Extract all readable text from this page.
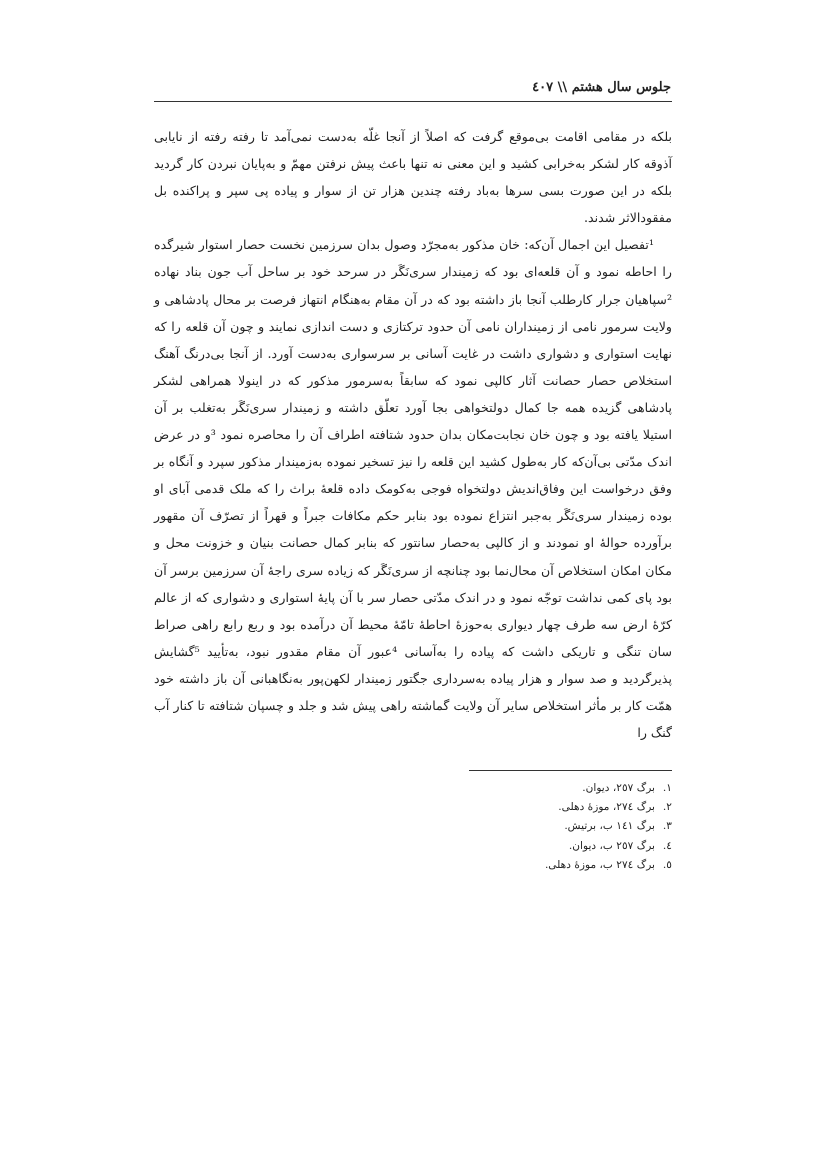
جلوس سال هشتم \\ ٤٠٧

بلکه در مقامی اقامت بی‌موقع گرفت که اصلاً از آنجا غلّه به‌دست نمی‌آمد تا رفته رفته از نایابی آذوقه کار لشکر به‌خرابی کشید و این معنی نه تنها باعث پیش نرفتن مهمّ و به‌پایان نبردن کار گردید بلکه در این صورت بسی سرها به‌باد رفته چندین هزار تن از سوار و پیاده پی سپر و پراکنده بل مفقودالاثر شدند.

¹تفصیل این اجمال آن‌که: خان مذکور به‌مجرّد وصول بدان سرزمین نخست حصار استوار شیرگده را احاطه نمود و آن قلعه‌ای بود که زمیندار سری‌نَگَر در سرحد خود بر ساحل آب جون بناد نهاده ²سپاهیان جرار کارطلب آنجا باز داشته بود که در آن مقام به‌هنگام انتهاز فرصت بر محال پادشاهی و ولایت سرمور نامی از زمینداران نامی آن حدود ترکتازی و دست اندازی نمایند و چون آن قلعه را که نهایت استواری و دشواری داشت در غایت آسانی بر سرسواری به‌دست آورد. از آنجا بی‌درنگ آهنگ استخلاص حصار حصانت آثار کالپی نمود که سابقاً به‌سرمور مذکور که در اینولا همراهی لشکر پادشاهی گزیده همه جا کمال دولتخواهی بجا آورد تعلّق داشته و زمیندار سری‌نَگَر به‌تغلب بر آن استیلا یافته بود و چون خان نجابت‌مکان بدان حدود شتافته اطراف آن را محاصره نمود ³و در عرض اندک مدّتی بی‌آن‌که کار به‌طول کشید این قلعه را نیز تسخیر نموده به‌زمیندار مذکور سپرد و آنگاه بر وفق درخواست این وفاق‌اندیش دولتخواه فوجی به‌کومک داده قلعهٔ براث را که ملک قدمی آبای او بوده زمیندار سری‌نَگَر به‌جبر انتزاع نموده بود بنابر حکم مکافات جبراً و قهراً از تصرّف آن مقهور برآورده حوالهٔ او نمودند و از کالپی به‌حصار سانتور که بنابر کمال حصانت بنیان و خزونت محل و مکان امکان استخلاص آن محال‌نما بود چنانچه از سری‌نَگَر که زیاده سری راجهٔ آن سرزمین برسر آن بود پای کمی نداشت توجّه نمود و در اندک مدّتی حصار سر با آن پایهٔ استواری و دشواری که از عالم کرّهٔ ارض سه طرف چهار دیواری به‌حوزهٔ احاطهٔ تامّهٔ محیط آن درآمده بود و ربع رابع راهی صراط سان تنگی و تاریکی داشت که پیاده را به‌آسانی ⁴عبور آن مقام مقدور نبود، به‌تأیید ⁵گشایش پذیرگردید و صد سوار و هزار پیاده به‌سرداری جگتور زمیندار لکهن‌پور به‌نگاهبانی آن باز داشته خود همّت کار بر مأثر استخلاص سایر آن ولایت گماشته راهی پیش شد و جلد و چسپان شتافته تا کنار آب گنگ را

١.برگ ٢٥٧، دیوان.
٢.برگ ٢٧٤، موزهٔ دهلی.
٣.برگ ١٤١ ب، برتیش.
٤.برگ ٢٥٧ ب، دیوان.
٥.برگ ٢٧٤ ب، موزهٔ دهلی.
